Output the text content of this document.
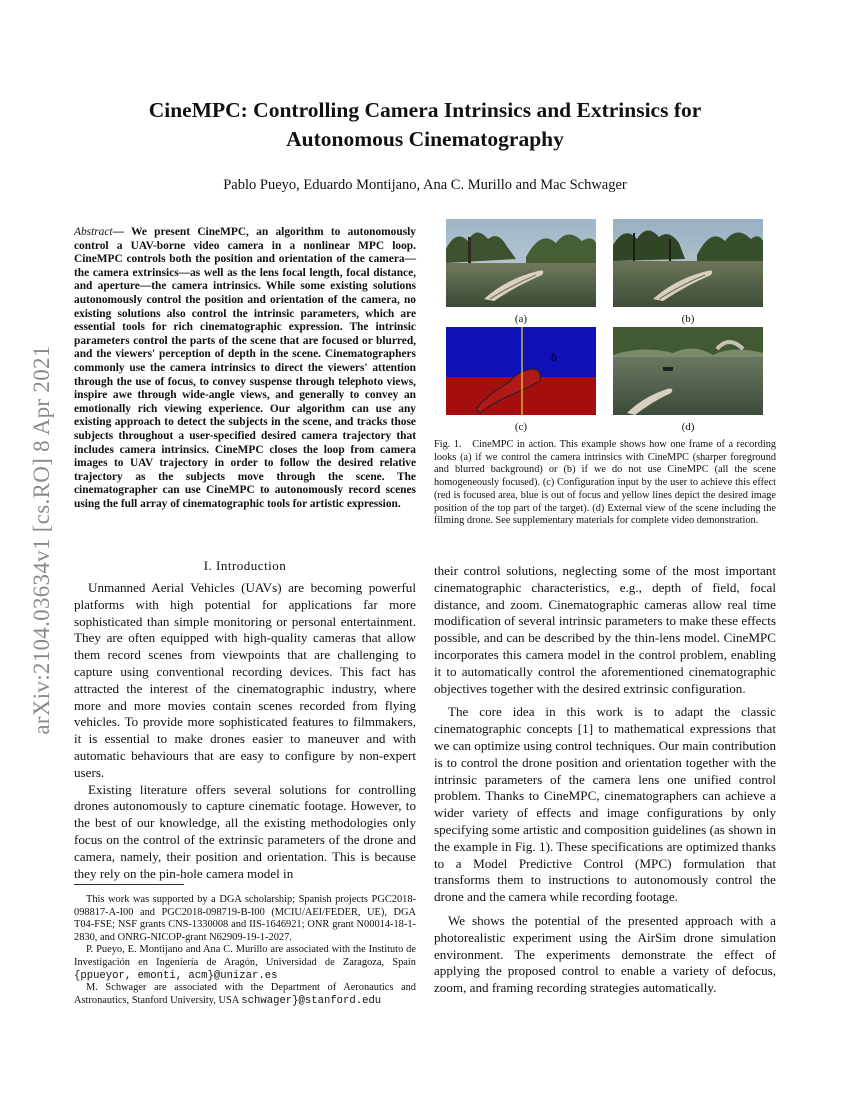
CineMPC: Controlling Camera Intrinsics and Extrinsics for
Autonomous Cinematography
Pablo Pueyo, Eduardo Montijano, Ana C. Murillo and Mac Schwager
arXiv:2104.03634v1 [cs.RO] 8 Apr 2021
Abstract— We present CineMPC, an algorithm to autonomously control a UAV-borne video camera in a nonlinear MPC loop. CineMPC controls both the position and orientation of the camera—the camera extrinsics—as well as the lens focal length, focal distance, and aperture—the camera intrinsics. While some existing solutions autonomously control the position and orientation of the camera, no existing solutions also control the intrinsic parameters, which are essential tools for rich cinematographic expression. The intrinsic parameters control the parts of the scene that are focused or blurred, and the viewers' perception of depth in the scene. Cinematographers commonly use the camera intrinsics to direct the viewers' attention through the use of focus, to convey suspense through telephoto views, inspire awe through wide-angle views, and generally to convey an emotionally rich viewing experience. Our algorithm can use any existing approach to detect the subjects in the scene, and tracks those subjects throughout a user-specified desired camera trajectory that includes camera intrinsics. CineMPC closes the loop from camera images to UAV trajectory in order to follow the desired relative trajectory as the subjects move through the scene. The cinematographer can use CineMPC to autonomously record scenes using the full array of cinematographic tools for artistic expression.
I. Introduction

Unmanned Aerial Vehicles (UAVs) are becoming powerful platforms with high potential for applications far more sophisticated than simple monitoring or personal entertainment. They are often equipped with high-quality cameras that allow them record scenes from viewpoints that are challenging to capture using conventional recording devices. This fact has attracted the interest of the cinematographic industry, where more and more movies contain scenes recorded from flying vehicles. To provide more sophisticated features to filmmakers, it is essential to make drones easier to maneuver and with automatic behaviours that are easy to configure by non-expert users.

Existing literature offers several solutions for controlling drones autonomously to capture cinematic footage. However, to the best of our knowledge, all the existing methodologies only focus on the control of the extrinsic parameters of the drone and camera, namely, their position and orientation. This is because they rely on the pin-hole camera model in

This work was supported by a DGA scholarship; Spanish projects PGC2018-098817-A-I00 and PGC2018-098719-B-I00 (MCIU/AEI/FEDER, UE), DGA T04-FSE; NSF grants CNS-1330008 and IIS-1646921; ONR grant N00014-18-1-2830, and ONRG-NICOP-grant N62909-19-1-2027.

P. Pueyo, E. Montijano and Ana C. Murillo are associated with the Instituto de Investigación en Ingeniería de Aragón, Universidad de Zaragoza, Spain {ppueyor, emonti, acm}@unizar.es

M. Schwager are associated with the Department of Aeronautics and Astronautics, Stanford University, USA schwager}@stanford.edu

(a)	(b)
δ
(c)	(d)
Fig. 1. CineMPC in action. This example shows how one frame of a recording looks (a) if we control the camera intrinsics with CineMPC (sharper foreground and blurred background) or (b) if we do not use CineMPC (all the scene homogeneously focused). (c) Configuration input by the user to achieve this effect (red is focused area, blue is out of focus and yellow lines depict the desired image position of the top part of the target). (d) External view of the scene including the filming drone. See supplementary materials for complete video demonstration.

their control solutions, neglecting some of the most important cinematographic characteristics, e.g., depth of field, focal distance, and zoom. Cinematographic cameras allow real time modification of several intrinsic parameters to make these effects possible, and can be described by the thin-lens model. CineMPC incorporates this camera model in the control problem, enabling it to automatically control the aforementioned cinematographic objectives together with the desired extrinsic configuration.

The core idea in this work is to adapt the classic cinematographic concepts [1] to mathematical expressions that we can optimize using control techniques. Our main contribution is to control the drone position and orientation together with the intrinsic parameters of the camera lens one unified control problem. Thanks to CineMPC, cinematographers can achieve a wider variety of effects and image configurations by only specifying some artistic and composition guidelines (as shown in the example in Fig. 1). These specifications are optimized thanks to a Model Predictive Control (MPC) formulation that transforms them to instructions to autonomously control the drone and the camera while recording footage.

We shows the potential of the presented approach with a photorealistic experiment using the AirSim drone simulation environment. The experiments demonstrate the effect of applying the proposed control to enable a variety of defocus, zoom, and framing recording strategies automatically.
